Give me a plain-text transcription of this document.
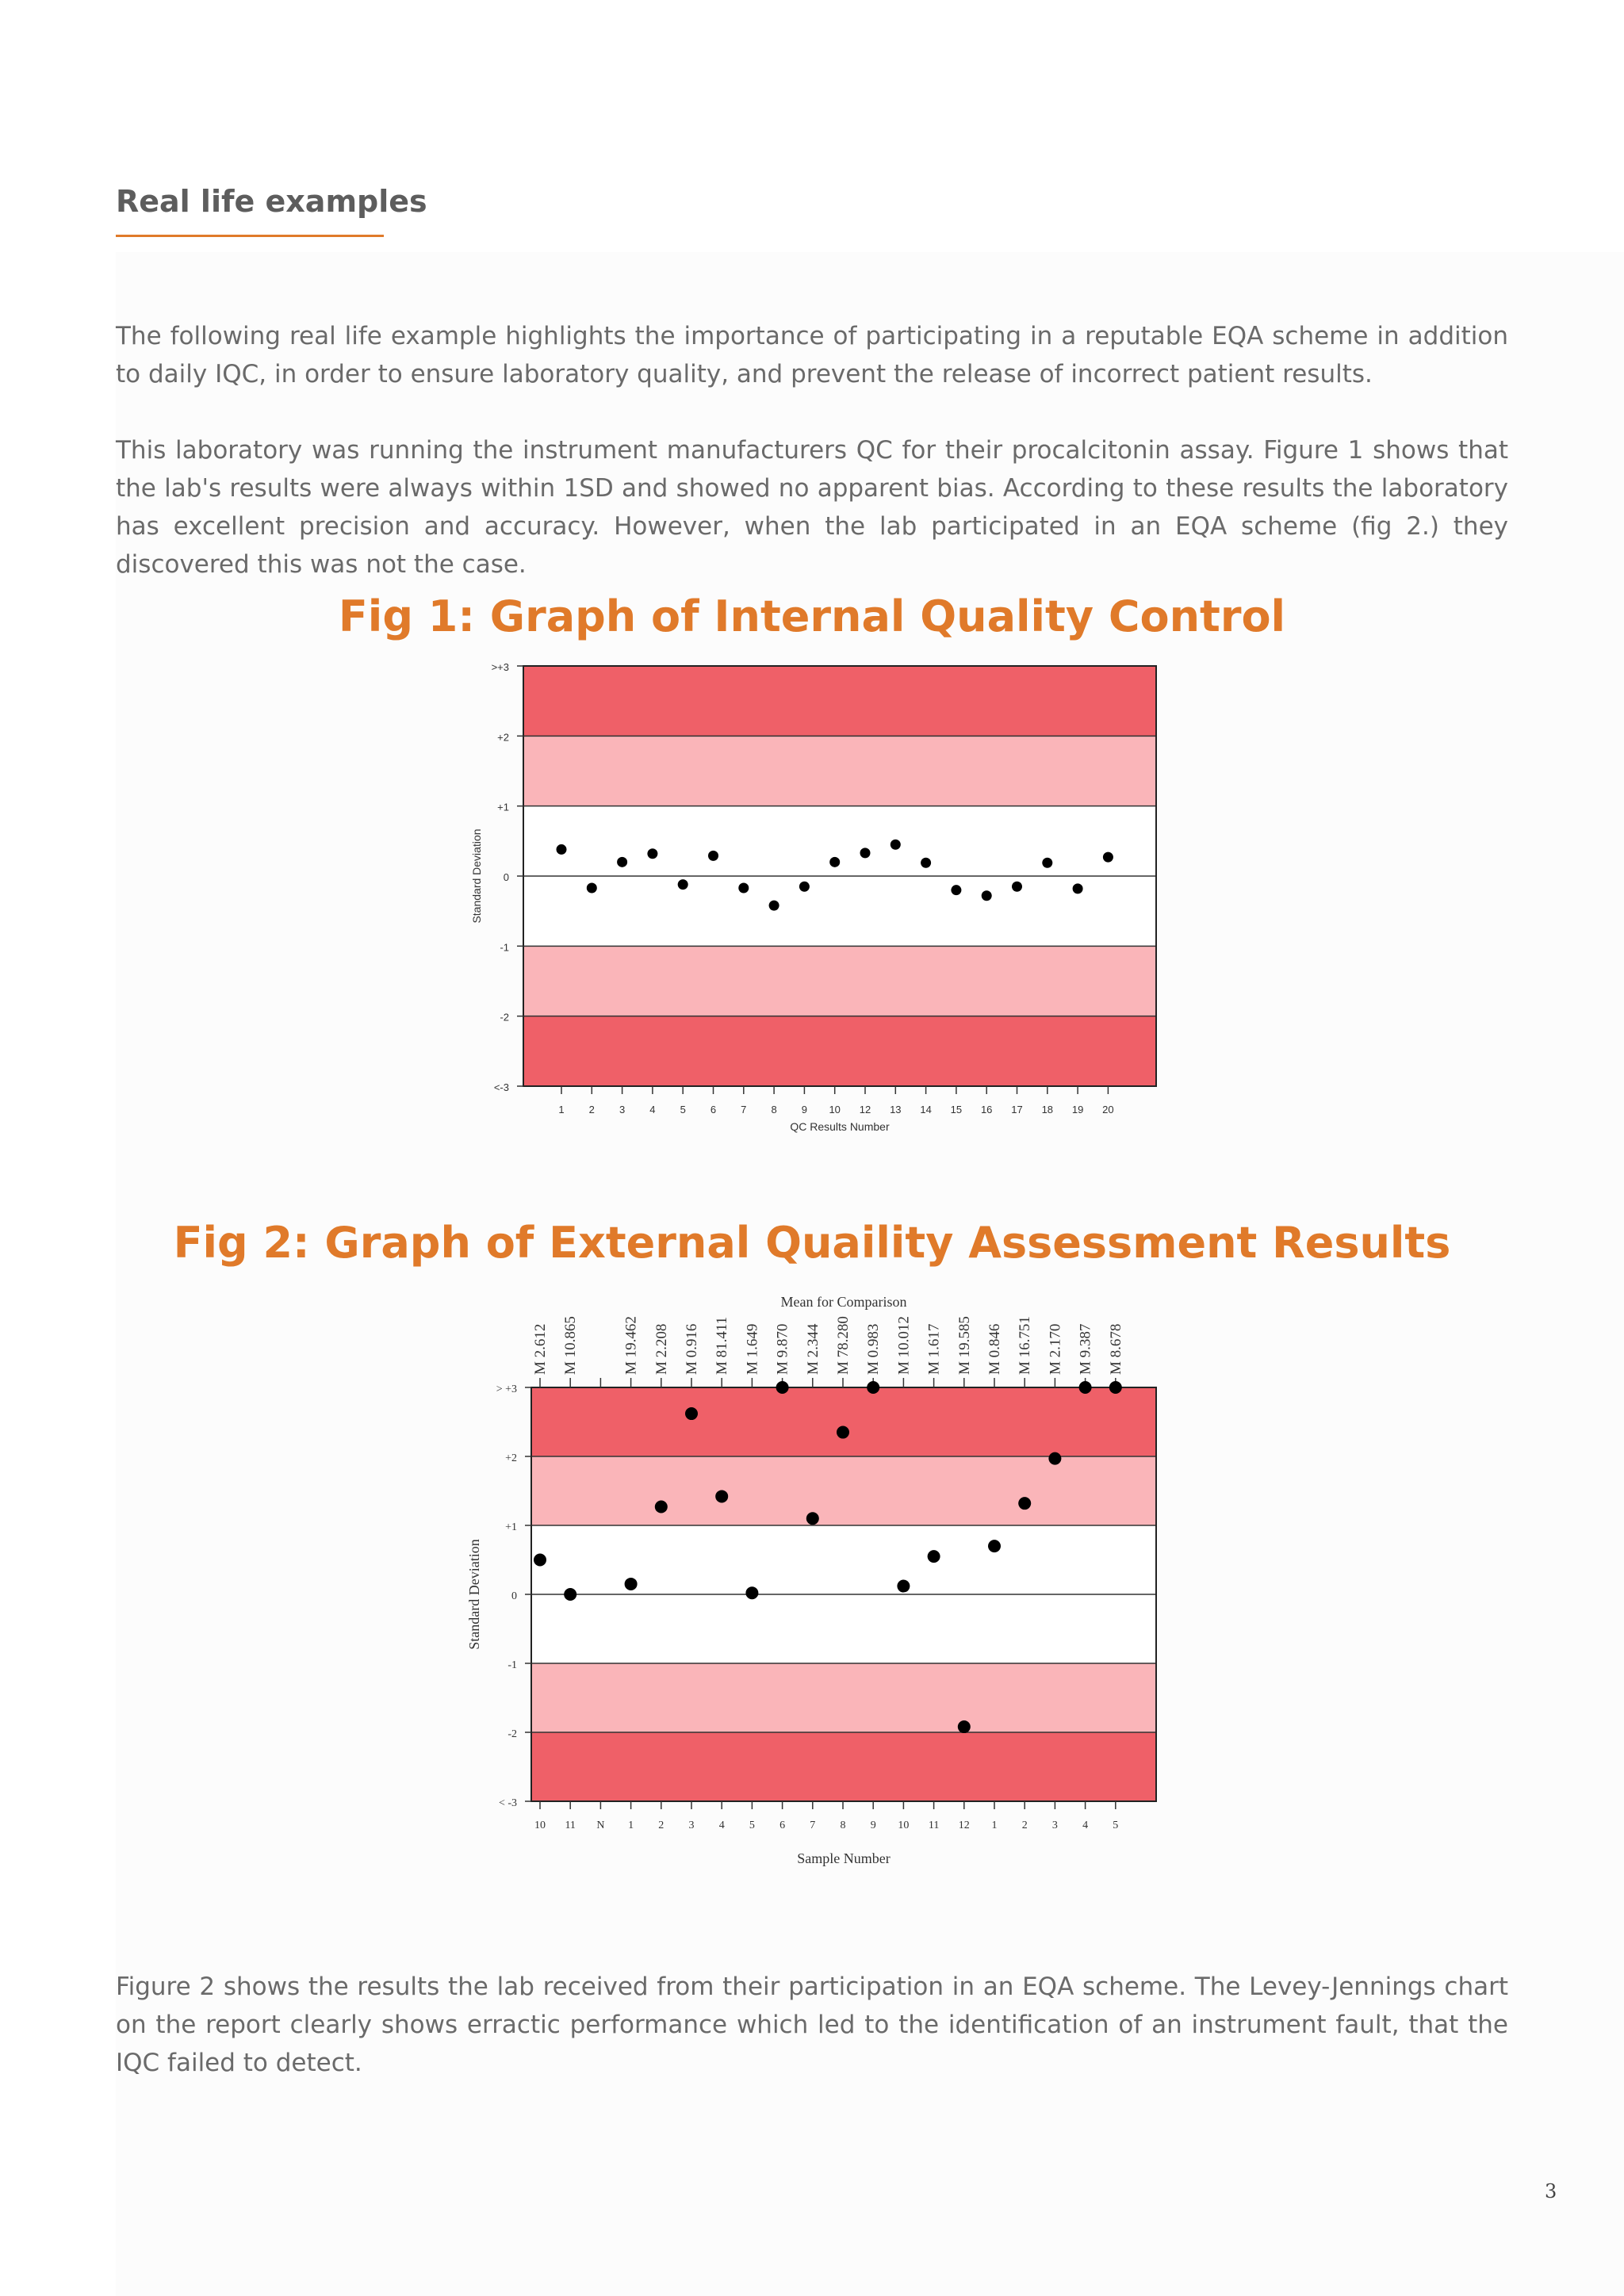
Real life examples

The following real life example highlights the importance of participating in a reputable EQA scheme in addition to daily IQC, in order to ensure laboratory quality, and prevent the release of incorrect patient results.

This laboratory was running the instrument manufacturers QC for their procalcitonin assay. Figure 1 shows that the lab's results were always within 1SD and showed no apparent bias. According to these results the laboratory has excellent precision and accuracy. However, when the lab participated in an EQA scheme (fig 2.) they discovered this was not the case.

Fig 1: Graph of Internal Quality Control
>+3
+2
+1
0
-1
-2
<-3
1 2 3 4 5 6 7 8 9 10 12 13 14 15 16 17 18 19 20
QC Results Number
Standard Deviation
Fig 2: Graph of External Quaility Assessment Results
> +3
+2
+1
0
-1
-2
< -3
10 11 N 1 2 3 4 5 6 7 8 9 10 11 12 1 2 3 4 5
Sample Number
Standard Deviation
Mean for Comparison
M 2.612 M 10.865	M 19.462 M 2.208 M 0.916 M 81.411 M 1.649 M 9.870 M 2.344 M 78.280 M 0.983 M 10.012 M 1.617 M 19.585 M 0.846 M 16.751 M 2.170 M 9.387 M 8.678

Figure 2 shows the results the lab received from their participation in an EQA scheme. The Levey-Jennings chart on the report clearly shows erractic performance which led to the identification of an instrument fault, that the IQC failed to detect.

3
